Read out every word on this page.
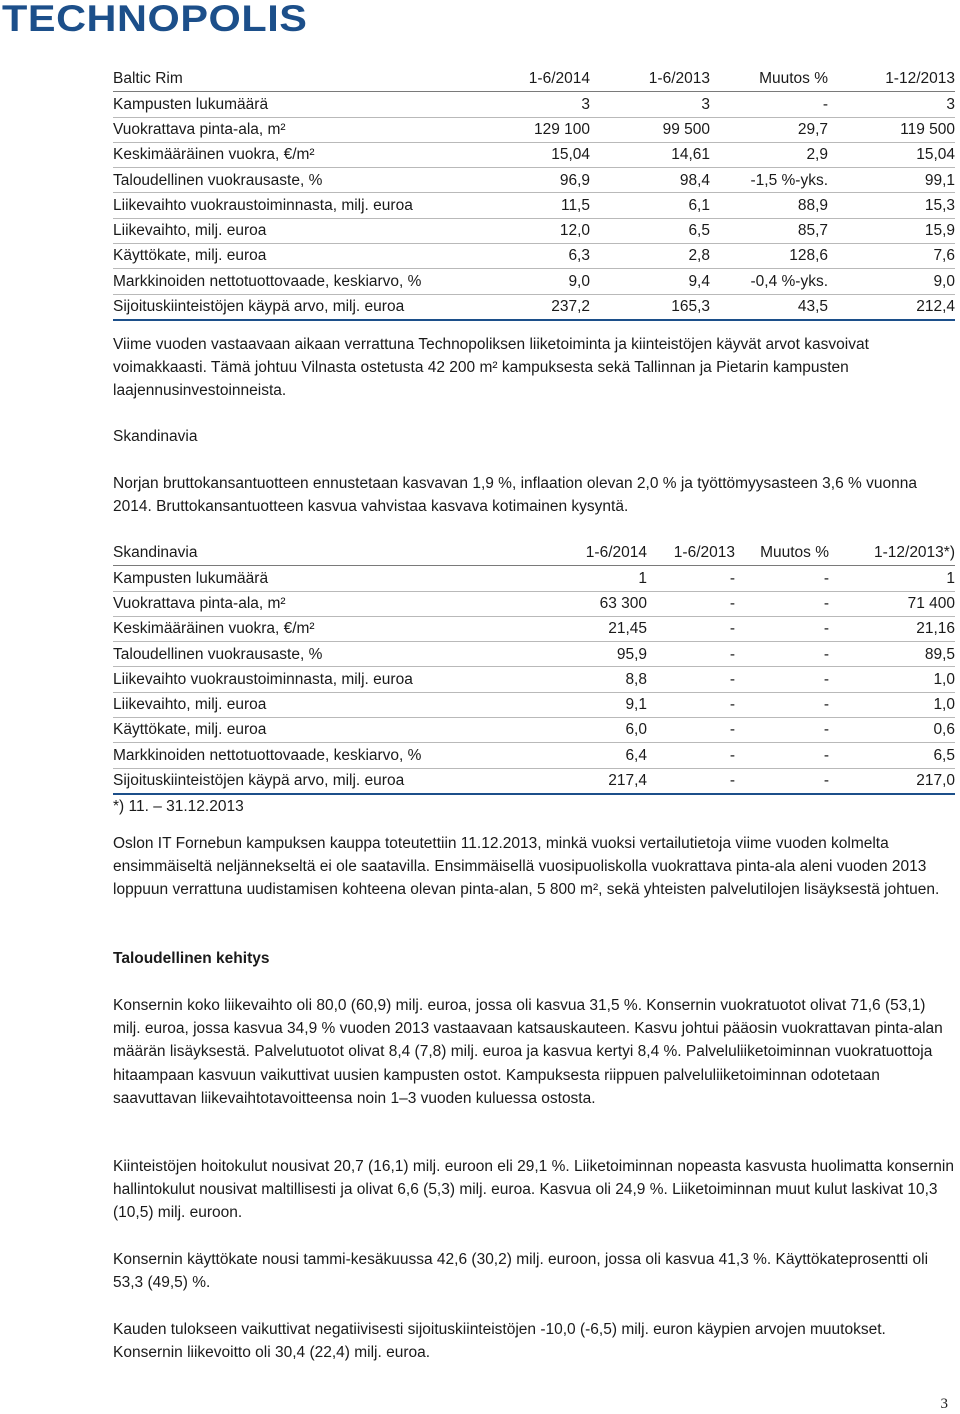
TECHNOPOLIS
Baltic Rim	1-6/2014	1-6/2013	Muutos %	1-12/2013
Kampusten lukumäärä	3	3	-	3
Vuokrattava pinta-ala, m²	129 100	99 500	29,7	119 500
Keskimääräinen vuokra, €/m²	15,04	14,61	2,9	15,04
Taloudellinen vuokrausaste, %	96,9	98,4	-1,5 %-yks.	99,1
Liikevaihto vuokraustoiminnasta, milj. euroa	11,5	6,1	88,9	15,3
Liikevaihto, milj. euroa	12,0	6,5	85,7	15,9
Käyttökate, milj. euroa	6,3	2,8	128,6	7,6
Markkinoiden nettotuottovaade, keskiarvo, %	9,0	9,4	-0,4 %-yks.	9,0
Sijoituskiinteistöjen käypä arvo, milj. euroa	237,2	165,3	43,5	212,4

Viime vuoden vastaavaan aikaan verrattuna Technopoliksen liiketoiminta ja kiinteistöjen käyvät arvot kasvoivat voimakkaasti. Tämä johtuu Vilnasta ostetusta 42 200 m² kampuksesta sekä Tallinnan ja Pietarin kampusten laajennusinvestoinneista.

Skandinavia

Norjan bruttokansantuotteen ennustetaan kasvavan 1,9 %, inflaation olevan 2,0 % ja työttömyysasteen 3,6 % vuonna 2014. Bruttokansantuotteen kasvua vahvistaa kasvava kotimainen kysyntä.

Skandinavia	1-6/2014	1-6/2013	Muutos %	1-12/2013*)
Kampusten lukumäärä	1	-	-	1
Vuokrattava pinta-ala, m²	63 300	-	-	71 400
Keskimääräinen vuokra, €/m²	21,45	-	-	21,16
Taloudellinen vuokrausaste, %	95,9	-	-	89,5
Liikevaihto vuokraustoiminnasta, milj. euroa	8,8	-	-	1,0
Liikevaihto, milj. euroa	9,1	-	-	1,0
Käyttökate, milj. euroa	6,0	-	-	0,6
Markkinoiden nettotuottovaade, keskiarvo, %	6,4	-	-	6,5
Sijoituskiinteistöjen käypä arvo, milj. euroa	217,4	-	-	217,0
*) 11. – 31.12.2013

Oslon IT Fornebun kampuksen kauppa toteutettiin 11.12.2013, minkä vuoksi vertailutietoja viime vuoden kolmelta ensimmäiseltä neljännekseltä ei ole saatavilla. Ensimmäisellä vuosipuoliskolla vuokrattava pinta-ala aleni vuoden 2013 loppuun verrattuna uudistamisen kohteena olevan pinta-alan, 5 800 m², sekä yhteisten palvelutilojen lisäyksestä johtuen.

Taloudellinen kehitys

Konsernin koko liikevaihto oli 80,0 (60,9) milj. euroa, jossa oli kasvua 31,5 %. Konsernin vuokratuotot olivat 71,6 (53,1) milj. euroa, jossa kasvua 34,9 % vuoden 2013 vastaavaan katsauskauteen. Kasvu johtui pääosin vuokrattavan pinta-alan määrän lisäyksestä. Palvelutuotot olivat 8,4 (7,8) milj. euroa ja kasvua kertyi 8,4 %. Palveluliiketoiminnan vuokratuottoja hitaampaan kasvuun vaikuttivat uusien kampusten ostot. Kampuksesta riippuen palveluliiketoiminnan odotetaan saavuttavan liikevaihtotavoitteensa noin 1–3 vuoden kuluessa ostosta.

Kiinteistöjen hoitokulut nousivat 20,7 (16,1) milj. euroon eli 29,1 %. Liiketoiminnan nopeasta kasvusta huolimatta konsernin hallintokulut nousivat maltillisesti ja olivat 6,6 (5,3) milj. euroa. Kasvua oli 24,9 %. Liiketoiminnan muut kulut laskivat 10,3 (10,5) milj. euroon.

Konsernin käyttökate nousi tammi-kesäkuussa 42,6 (30,2) milj. euroon, jossa oli kasvua 41,3 %. Käyttökateprosentti oli 53,3 (49,5) %.

Kauden tulokseen vaikuttivat negatiivisesti sijoituskiinteistöjen -10,0 (-6,5) milj. euron käypien arvojen muutokset. Konsernin liikevoitto oli 30,4 (22,4) milj. euroa.

3
